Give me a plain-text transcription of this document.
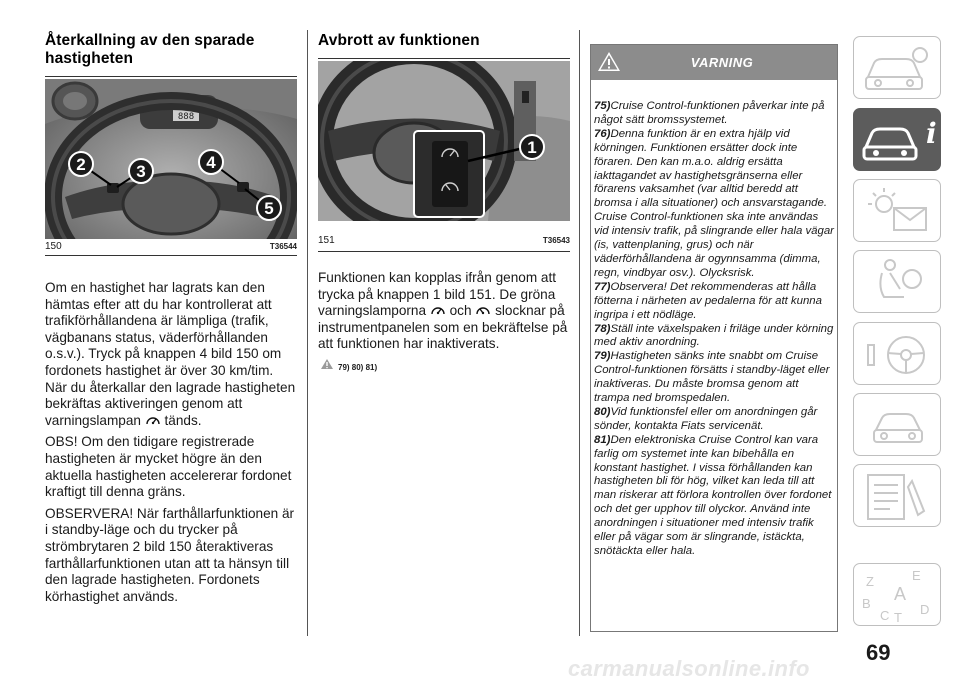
Återkallning av den sparade hastigheten
888
2	3	4
5
150	T36544

Om en hastighet har lagrats kan den hämtas efter att du har kontrollerat att trafikförhållandena är lämpliga (trafik, vägbanans status, väderförhållanden o.s.v.). Tryck på knappen 4 bild 150 om fordonets hastighet är över 30 km/tim. När du återkallar den lagrade hastigheten bekräftas aktiveringen genom att varningslampan tänds.

OBS! Om den tidigare registrerade hastigheten är mycket högre än den aktuella hastigheten accelererar fordonet kraftigt till denna gräns.

OBSERVERA! När farthållarfunktionen är i standby-läge och du trycker på strömbrytaren 2 bild 150 återaktiveras farthållarfunktionen utan att ta hänsyn till den lagrade hastigheten. Fordonets körhastighet används.

Avbrott av funktionen
1
151	T36543

Funktionen kan kopplas ifrån genom att trycka på knappen 1 bild 151. De gröna varningslamporna och slocknar på instrumentpanelen som en bekräftelse på att funktionen har inaktiverats.

79) 80) 81)
VARNING
75)Cruise Control-funktionen påverkar inte på något sätt bromssystemet.
76)Denna funktion är en extra hjälp vid körningen. Funktionen ersätter dock inte föraren. Den kan m.a.o. aldrig ersätta iakttagandet av hastighetsgränserna eller förarens vaksamhet (var alltid beredd att bromsa i alla situationer) och ansvarstagande. Cruise Control-funktionen ska inte användas vid intensiv trafik, på slingrande eller hala vägar (is, vattenplaning, grus) och när väderförhållandena är ogynnsamma (dimma, regn, vindbyar osv.). Olycksrisk.
77)Observera! Det rekommenderas att hålla fötterna i närheten av pedalerna för att kunna ingripa i ett nödläge.
78)Ställ inte växelspaken i friläge under körning med aktiv anordning.
79)Hastigheten sänks inte snabbt om Cruise Control-funktionen försätts i standby-läget eller inaktiveras. Du måste bromsa genom att trampa ned bromspedalen.
80)Vid funktionsfel eller om anordningen går sönder, kontakta Fiats servicenät.
81)Den elektroniska Cruise Control kan vara farlig om systemet inte kan bibehålla en konstant hastighet. I vissa förhållanden kan hastigheten bli för hög, vilket kan leda till att man riskerar att förlora kontrollen över fordonet och det ger upphov till olyckor. Använd inte anordningen i situationer med intensiv trafik eller på vägar som är slingrande, istäckta, snötäckta eller hala.
i
Z	E
A
B
C T
D
69
carmanualsonline.info
